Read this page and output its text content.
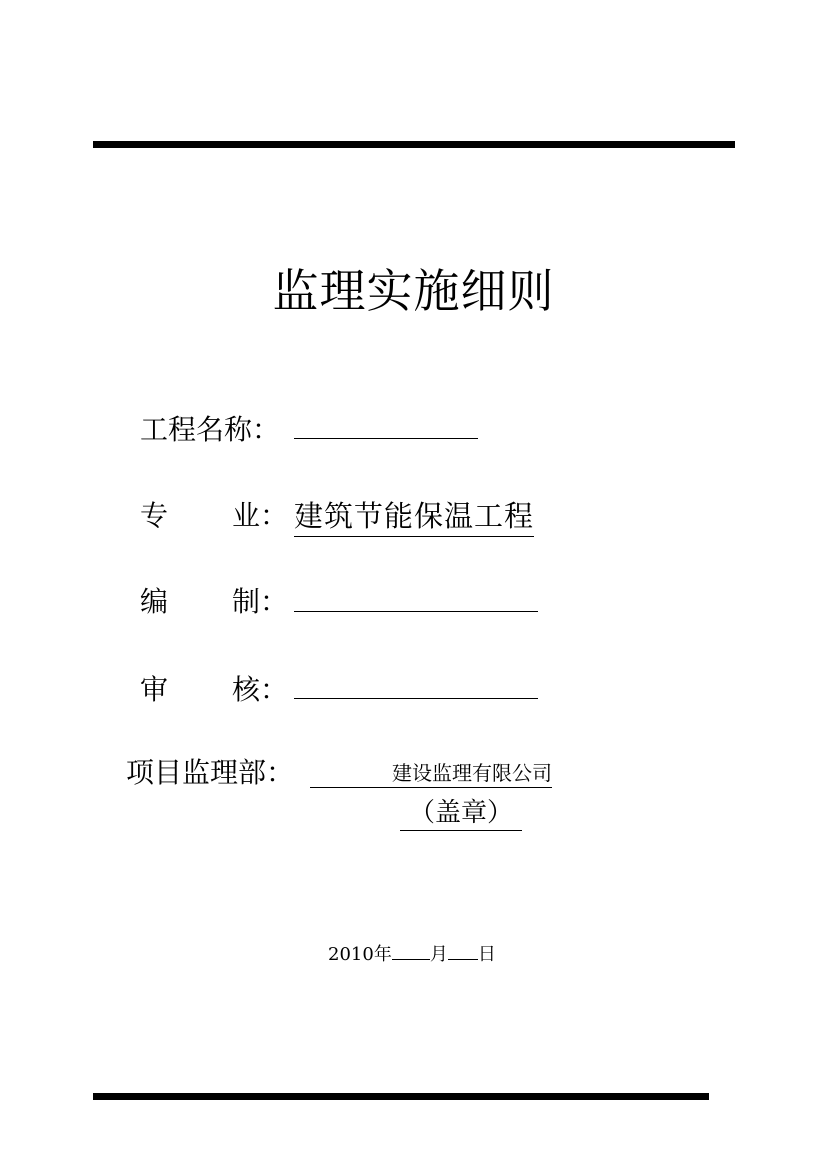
监理实施细则
工程名称：
专 业： 建筑节能保温工程
编 制：
审 核：
项目监理部：	建设监理有限公司
（盖章）
2010年 月 日
